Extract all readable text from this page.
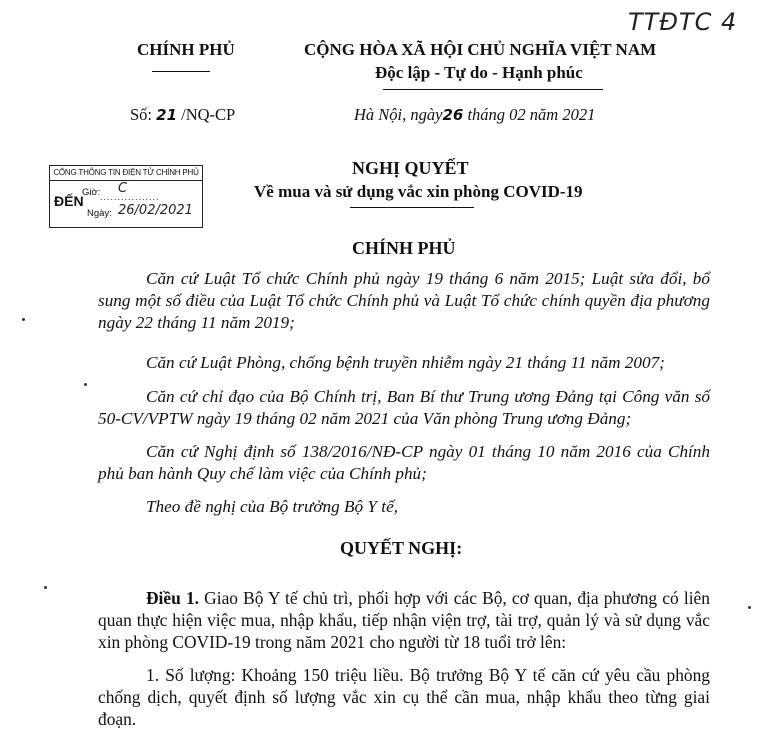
TTĐTC 4
CHÍNH PHỦ	CỘNG HÒA XÃ HỘI CHỦ NGHĨA VIỆT NAM
Độc lập - Tự do - Hạnh phúc
Số: 21 /NQ-CP	Hà Nội, ngày26 tháng 02 năm 2021
CỔNG THÔNG TIN ĐIỆN TỬ CHÍNH PHỦ
ĐẾN
Giờ: .................
C
Ngày: 26/02/2021
NGHỊ QUYẾT
Về mua và sử dụng vắc xin phòng COVID-19
CHÍNH PHỦ
Căn cứ Luật Tổ chức Chính phủ ngày 19 tháng 6 năm 2015; Luật sửa đổi, bổ sung một số điều của Luật Tổ chức Chính phủ và Luật Tổ chức chính quyền địa phương ngày 22 tháng 11 năm 2019;
Căn cứ Luật Phòng, chống bệnh truyền nhiễm ngày 21 tháng 11 năm 2007;
Căn cứ chỉ đạo của Bộ Chính trị, Ban Bí thư Trung ương Đảng tại Công văn số 50-CV/VPTW ngày 19 tháng 02 năm 2021 của Văn phòng Trung ương Đảng;
Căn cứ Nghị định số 138/2016/NĐ-CP ngày 01 tháng 10 năm 2016 của Chính phủ ban hành Quy chế làm việc của Chính phủ;
Theo đề nghị của Bộ trưởng Bộ Y tế,
QUYẾT NGHỊ:
Điều 1. Giao Bộ Y tế chủ trì, phối hợp với các Bộ, cơ quan, địa phương có liên quan thực hiện việc mua, nhập khẩu, tiếp nhận viện trợ, tài trợ, quản lý và sử dụng vắc xin phòng COVID-19 trong năm 2021 cho người từ 18 tuổi trở lên:
1. Số lượng: Khoảng 150 triệu liều. Bộ trưởng Bộ Y tế căn cứ yêu cầu phòng chống dịch, quyết định số lượng vắc xin cụ thể cần mua, nhập khẩu theo từng giai đoạn.
